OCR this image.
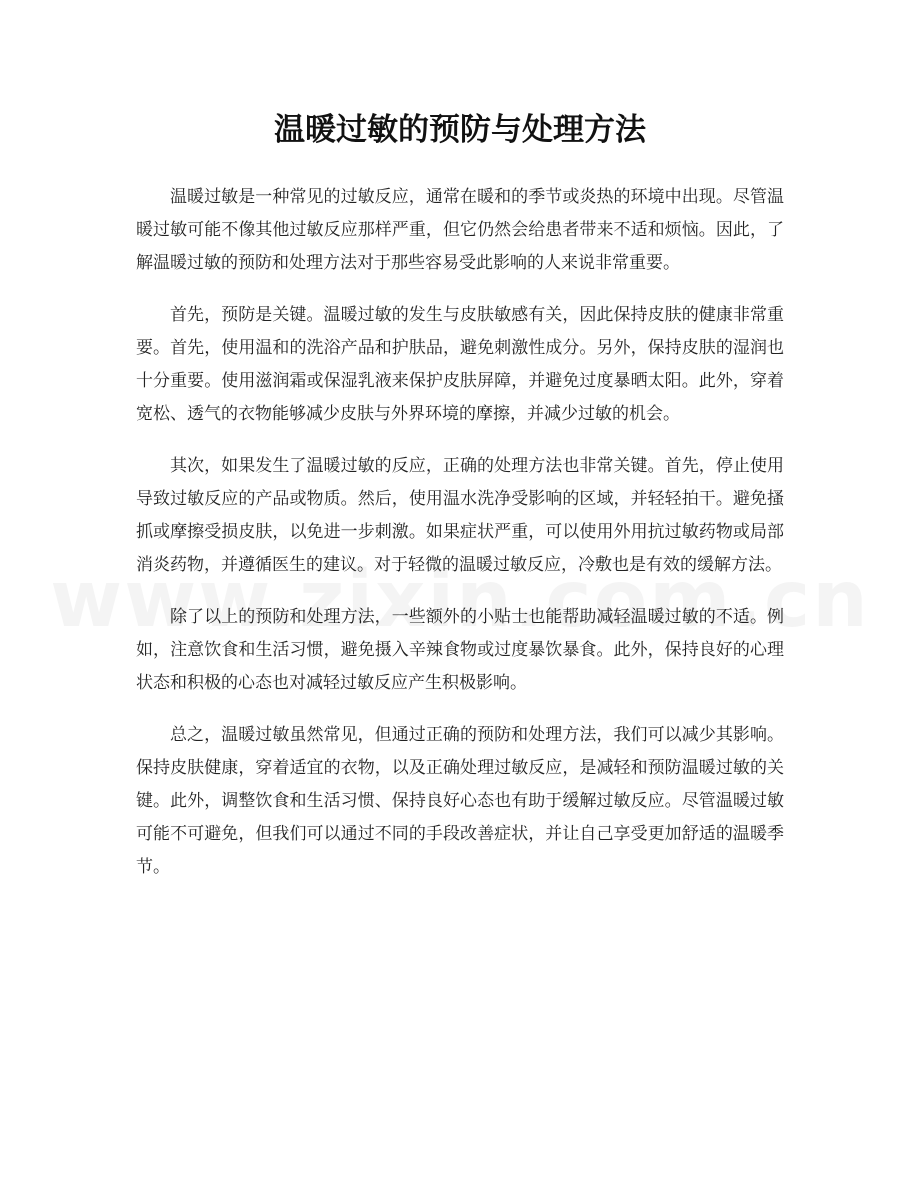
温暖过敏的预防与处理方法

温暖过敏是一种常见的过敏反应，通常在暖和的季节或炎热的环境中出现。尽管温暖过敏可能不像其他过敏反应那样严重，但它仍然会给患者带来不适和烦恼。因此，了解温暖过敏的预防和处理方法对于那些容易受此影响的人来说非常重要。

首先，预防是关键。温暖过敏的发生与皮肤敏感有关，因此保持皮肤的健康非常重要。首先，使用温和的洗浴产品和护肤品，避免刺激性成分。另外，保持皮肤的湿润也十分重要。使用滋润霜或保湿乳液来保护皮肤屏障，并避免过度暴晒太阳。此外，穿着宽松、透气的衣物能够减少皮肤与外界环境的摩擦，并减少过敏的机会。

其次，如果发生了温暖过敏的反应，正确的处理方法也非常关键。首先，停止使用导致过敏反应的产品或物质。然后，使用温水洗净受影响的区域，并轻轻拍干。避免搔抓或摩擦受损皮肤，以免进一步刺激。如果症状严重，可以使用外用抗过敏药物或局部消炎药物，并遵循医生的建议。对于轻微的温暖过敏反应，冷敷也是有效的缓解方法。

除了以上的预防和处理方法，一些额外的小贴士也能帮助减轻温暖过敏的不适。例如，注意饮食和生活习惯，避免摄入辛辣食物或过度暴饮暴食。此外，保持良好的心理状态和积极的心态也对减轻过敏反应产生积极影响。

总之，温暖过敏虽然常见，但通过正确的预防和处理方法，我们可以减少其影响。保持皮肤健康，穿着适宜的衣物，以及正确处理过敏反应，是减轻和预防温暖过敏的关键。此外，调整饮食和生活习惯、保持良好心态也有助于缓解过敏反应。尽管温暖过敏可能不可避免，但我们可以通过不同的手段改善症状，并让自己享受更加舒适的温暖季节。
